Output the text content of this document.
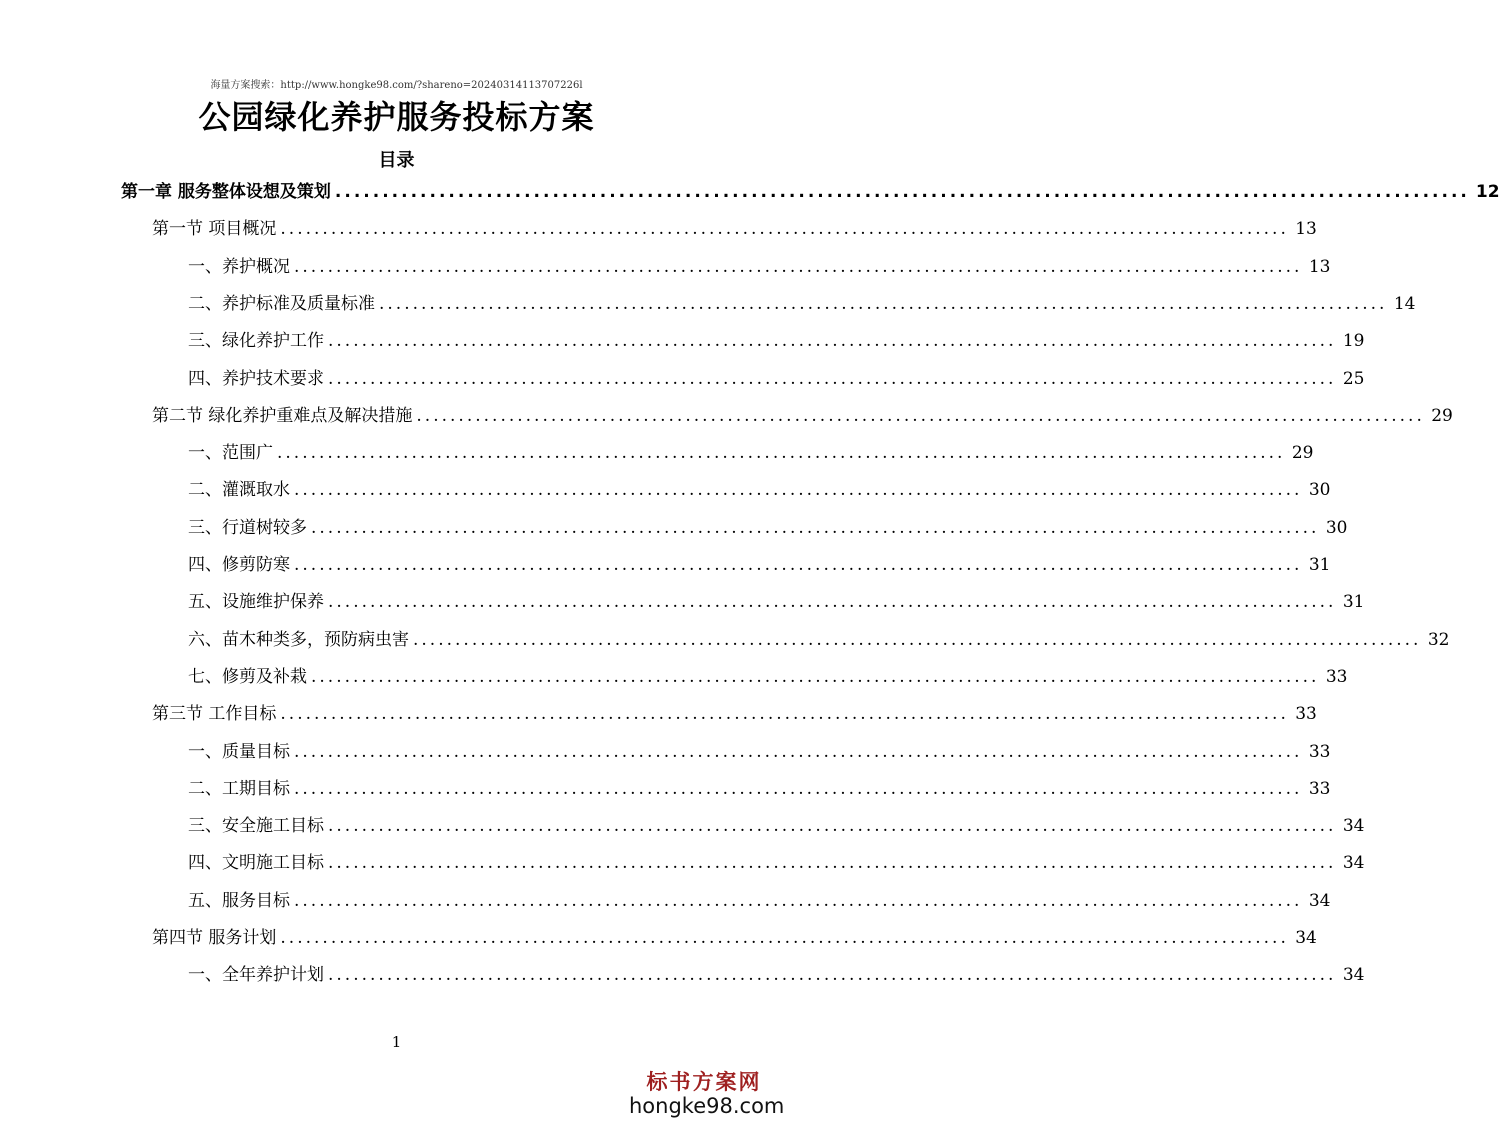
海量方案搜索：http://www.hongke98.com/?shareno=20240314113707226l
公园绿化养护服务投标方案
目录
第一章 服务整体设想及策划 ........................................................................................................................ 12
第一节 项目概况 ........................................................................................................................ 13
一、养护概况 ........................................................................................................................ 13
二、养护标准及质量标准 ........................................................................................................................ 14
三、绿化养护工作 ........................................................................................................................ 19
四、养护技术要求 ........................................................................................................................ 25
第二节 绿化养护重难点及解决措施 ........................................................................................................................ 29
一、范围广 ........................................................................................................................ 29
二、灌溉取水 ........................................................................................................................ 30
三、行道树较多 ........................................................................................................................ 30
四、修剪防寒 ........................................................................................................................ 31
五、设施维护保养 ........................................................................................................................ 31
六、苗木种类多，预防病虫害 ........................................................................................................................ 32
七、修剪及补栽 ........................................................................................................................ 33
第三节 工作目标 ........................................................................................................................ 33
一、质量目标 ........................................................................................................................ 33
二、工期目标 ........................................................................................................................ 33
三、安全施工目标 ........................................................................................................................ 34
四、文明施工目标 ........................................................................................................................ 34
五、服务目标 ........................................................................................................................ 34
第四节 服务计划 ........................................................................................................................ 34
一、全年养护计划 ........................................................................................................................ 34
1
标书方案网
hongke98.com
